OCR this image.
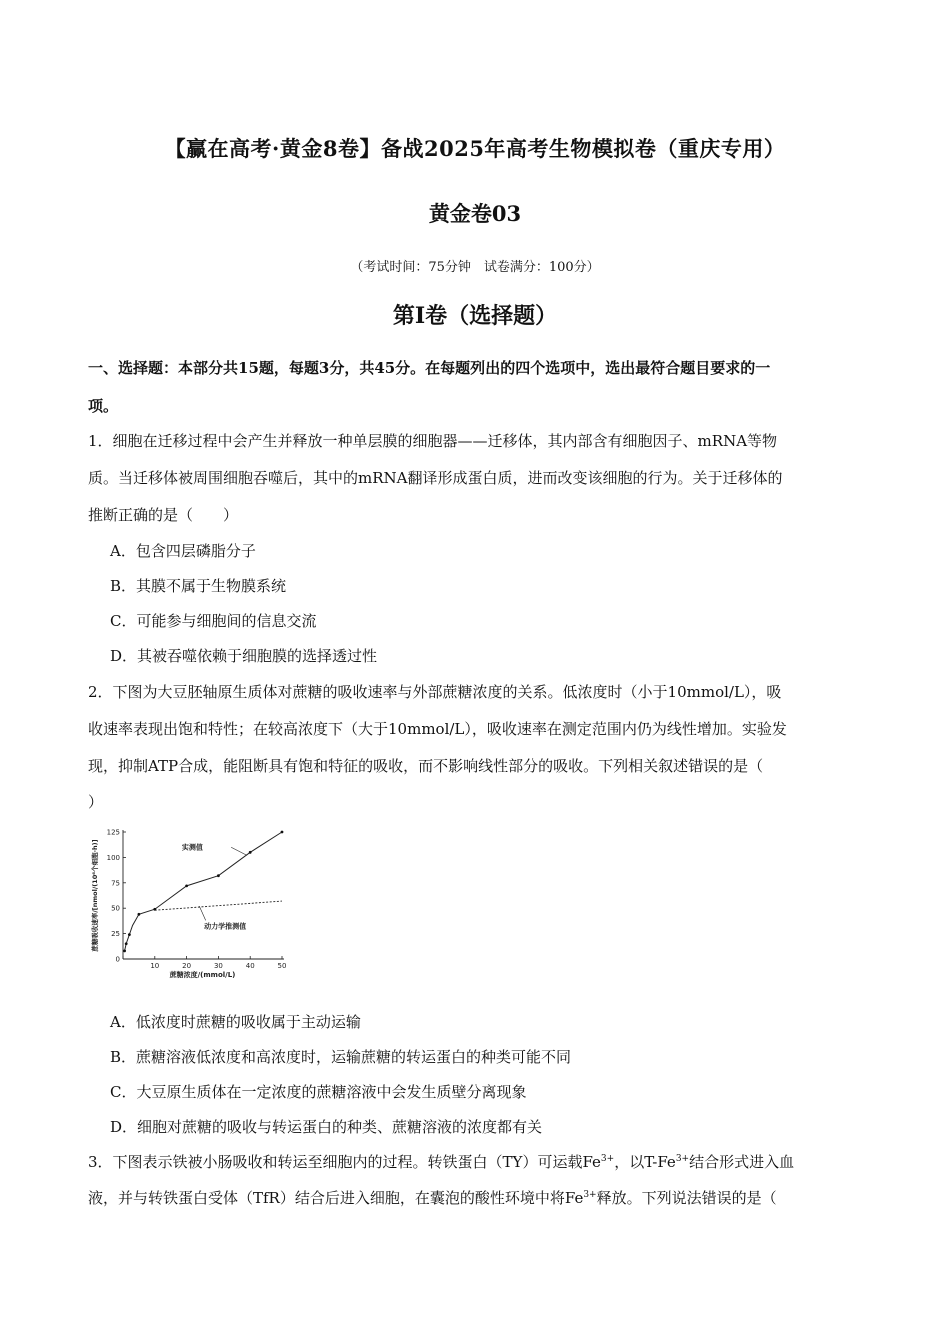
【赢在高考·黄金8卷】备战2025年高考生物模拟卷（重庆专用）
黄金卷03
（考试时间：75分钟　试卷满分：100分）
第I卷（选择题）
一、选择题：本部分共15题，每题3分，共45分。在每题列出的四个选项中，选出最符合题目要求的一
项。
1．细胞在迁移过程中会产生并释放一种单层膜的细胞器——迁移体，其内部含有细胞因子、mRNA等物
质。当迁移体被周围细胞吞噬后，其中的mRNA翻译形成蛋白质，进而改变该细胞的行为。关于迁移体的
推断正确的是（　　）
A．包含四层磷脂分子
B．其膜不属于生物膜系统
C．可能参与细胞间的信息交流
D．其被吞噬依赖于细胞膜的选择透过性
2．下图为大豆胚轴原生质体对蔗糖的吸收速率与外部蔗糖浓度的关系。低浓度时（小于10mmol/L），吸
收速率表现出饱和特性；在较高浓度下（大于10mmol/L），吸收速率在测定范围内仍为线性增加。实验发
现，抑制ATP合成，能阻断具有饱和特征的吸收，而不影响线性部分的吸收。下列相关叙述错误的是（
）
0
25
50
75
100
125
10	20	30	40	50
蔗糖浓度/(mmol/L)
蔗糖吸收速率/[nmol/(10⁶个细胞·h)]	实测值
动力学推测值
A．低浓度时蔗糖的吸收属于主动运输
B．蔗糖溶液低浓度和高浓度时，运输蔗糖的转运蛋白的种类可能不同
C．大豆原生质体在一定浓度的蔗糖溶液中会发生质壁分离现象
D．细胞对蔗糖的吸收与转运蛋白的种类、蔗糖溶液的浓度都有关
3．下图表示铁被小肠吸收和转运至细胞内的过程。转铁蛋白（TY）可运载$Fe^{3+}$，以$T-Fe^{3+}$结合形式进入血
液，并与转铁蛋白受体（TfR）结合后进入细胞，在囊泡的酸性环境中将$Fe^{3+}$释放。下列说法错误的是（
